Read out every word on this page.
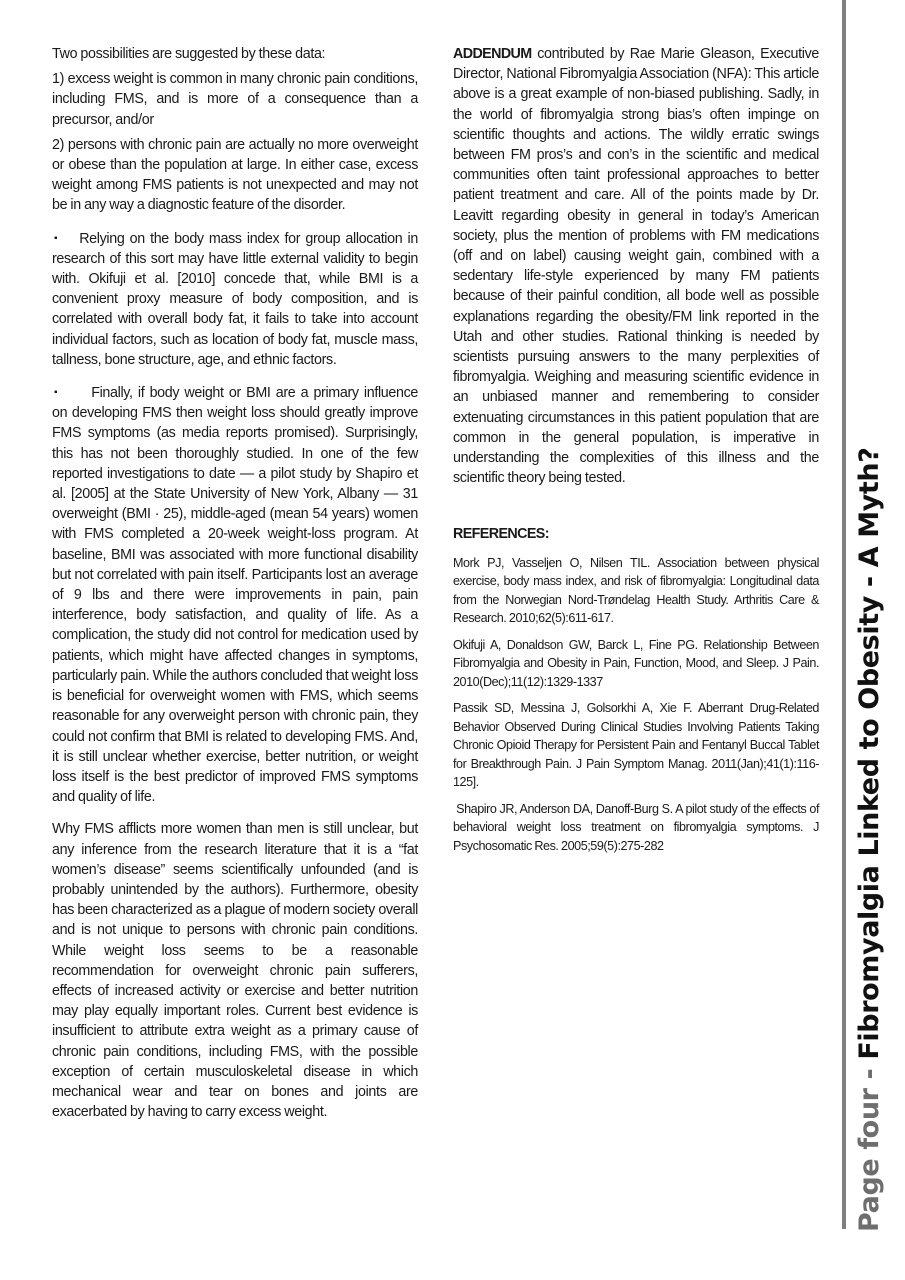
Two possibilities are suggested by these data:

1) excess weight is common in many chronic pain conditions, including FMS, and is more of a consequence than a precursor, and/or

2) persons with chronic pain are actually no more overweight or obese than the population at large. In either case, excess weight among FMS patients is not unexpected and may not be in any way a diagnostic feature of the disorder.

▪ Relying on the body mass index for group allocation in research of this sort may have little external validity to begin with. Okifuji et al. [2010] concede that, while BMI is a convenient proxy measure of body composition, and is correlated with overall body fat, it fails to take into account individual factors, such as location of body fat, muscle mass, tallness, bone structure, age, and ethnic factors.

▪ Finally, if body weight or BMI are a primary influence on developing FMS then weight loss should greatly improve FMS symptoms (as media reports promised). Surprisingly, this has not been thoroughly studied. In one of the few reported investigations to date — a pilot study by Shapiro et al. [2005] at the State University of New York, Albany — 31 overweight (BMI · 25), middle-aged (mean 54 years) women with FMS completed a 20-week weight-loss program. At baseline, BMI was associated with more functional disability but not correlated with pain itself. Participants lost an average of 9 lbs and there were improvements in pain, pain interference, body satisfaction, and quality of life. As a complication, the study did not control for medication used by patients, which might have affected changes in symptoms, particularly pain. While the authors concluded that weight loss is beneficial for overweight women with FMS, which seems reasonable for any overweight person with chronic pain, they could not confirm that BMI is related to developing FMS. And, it is still unclear whether exercise, better nutrition, or weight loss itself is the best predictor of improved FMS symptoms and quality of life.

Why FMS afflicts more women than men is still unclear, but any inference from the research literature that it is a “fat women’s disease” seems scientifically unfounded (and is probably unintended by the authors). Furthermore, obesity has been characterized as a plague of modern society overall and is not unique to persons with chronic pain conditions. While weight loss seems to be a reasonable recommendation for overweight chronic pain sufferers, effects of increased activity or exercise and better nutrition may play equally important roles. Current best evidence is insufficient to attribute extra weight as a primary cause of chronic pain conditions, including FMS, with the possible exception of certain musculoskeletal disease in which mechanical wear and tear on bones and joints are exacerbated by having to carry excess weight.

ADDENDUM contributed by Rae Marie Gleason, Executive Director, National Fibromyalgia Association (NFA): This article above is a great example of non-biased publishing. Sadly, in the world of fibromyalgia strong bias’s often impinge on scientific thoughts and actions. The wildly erratic swings between FM pros’s and con’s in the scientific and medical communities often taint professional approaches to better patient treatment and care. All of the points made by Dr. Leavitt regarding obesity in general in today’s American society, plus the mention of problems with FM medications (off and on label) causing weight gain, combined with a sedentary life-style experienced by many FM patients because of their painful condition, all bode well as possible explanations regarding the obesity/FM link reported in the Utah and other studies. Rational thinking is needed by scientists pursuing answers to the many perplexities of fibromyalgia. Weighing and measuring scientific evidence in an unbiased manner and remembering to consider extenuating circumstances in this patient population that are common in the general population, is imperative in understanding the complexities of this illness and the scientific theory being tested.

REFERENCES:

Mork PJ, Vasseljen O, Nilsen TIL. Association between physical exercise, body mass index, and risk of fibromyalgia: Longitudinal data from the Norwegian Nord-Trøndelag Health Study. Arthritis Care & Research. 2010;62(5):611-617.

Okifuji A, Donaldson GW, Barck L, Fine PG. Relationship Between Fibromyalgia and Obesity in Pain, Function, Mood, and Sleep. J Pain. 2010(Dec);11(12):1329-1337

Passik SD, Messina J, Golsorkhi A, Xie F. Aberrant Drug-Related Behavior Observed During Clinical Studies Involving Patients Taking Chronic Opioid Therapy for Persistent Pain and Fentanyl Buccal Tablet for Breakthrough Pain. J Pain Symptom Manag. 2011(Jan);41(1):116-125].

Shapiro JR, Anderson DA, Danoff-Burg S. A pilot study of the effects of behavioral weight loss treatment on fibromyalgia symptoms. J Psychosomatic Res. 2005;59(5):275-282

Page four - Fibromyalgia Linked to Obesity - A Myth?
